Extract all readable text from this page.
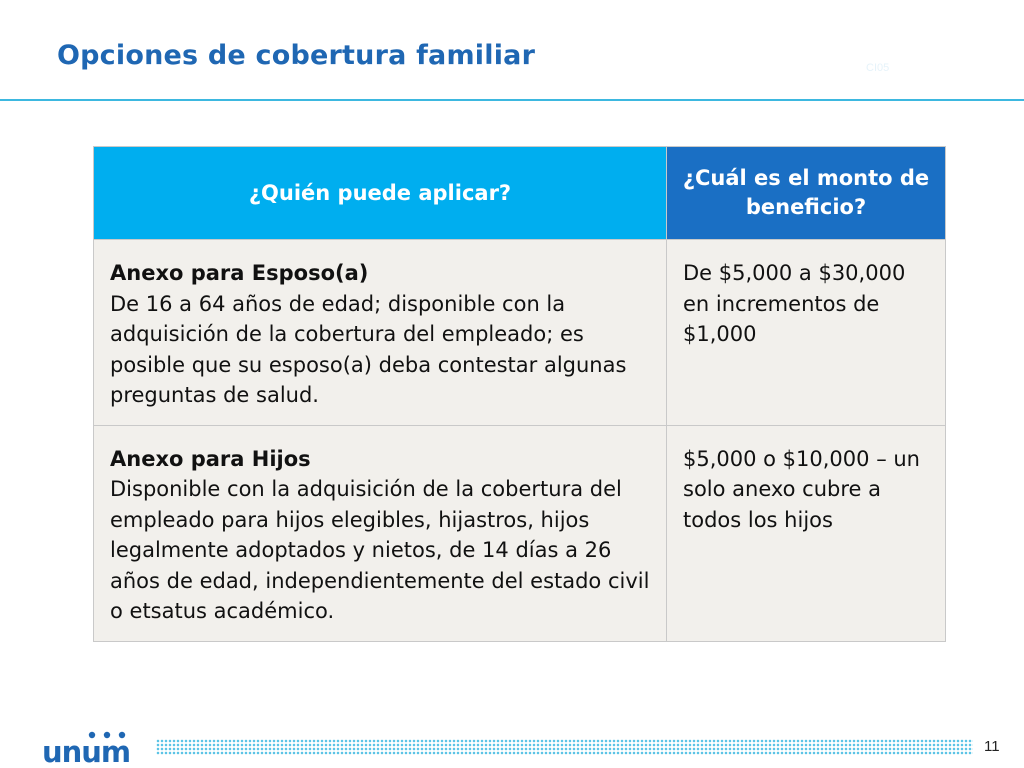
Opciones de cobertura familiar	CI05
¿Quién puede aplicar?	¿Cuál es el monto de beneficio?

Anexo para Esposo(a)
De 16 a 64 años de edad; disponible con la adquisición de la cobertura del empleado; es posible que su esposo(a) deba contestar algunas preguntas de salud.	De $5,000 a $30,000 en incrementos de $1,000

Anexo para Hijos
Disponible con la adquisición de la cobertura del empleado para hijos elegibles, hijastros, hijos legalmente adoptados y nietos, de 14 días a 26 años de edad, independientemente del estado civil o etsatus académico.	$5,000 o $10,000 – un solo anexo cubre a todos los hijos
unum	11
